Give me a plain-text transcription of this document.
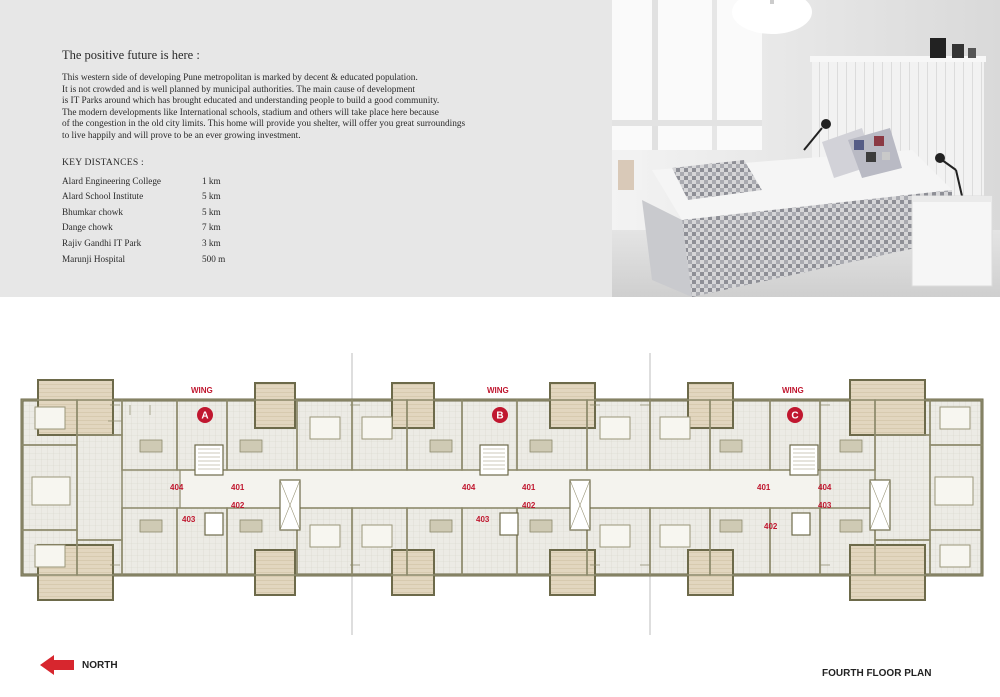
The positive future is here :

This western side of developing Pune metropolitan is marked by decent & educated population.

It is not crowded and is well planned by municipal authorities. The main cause of development

is IT Parks around which has brought educated and understanding people to build a good community.

The modern developments like International schools, stadium and others will take place here because

of the congestion in the old city limits. This home will provide you shelter, will offer you great surroundings

to live happily and will prove to be an ever growing investment.

KEY DISTANCES :

Alard Engineering College	1 km
Alard School Institute	5 km
Bhumkar chowk	5 km
Dange chowk	7 km
Rajiv Gandhi IT Park	3 km
Marunji Hospital	500 m
WING
A
WING
B
WING
C
404	401
403
402
404	401
403
402
401	404
402
403
NORTH
FOURTH FLOOR PLAN
